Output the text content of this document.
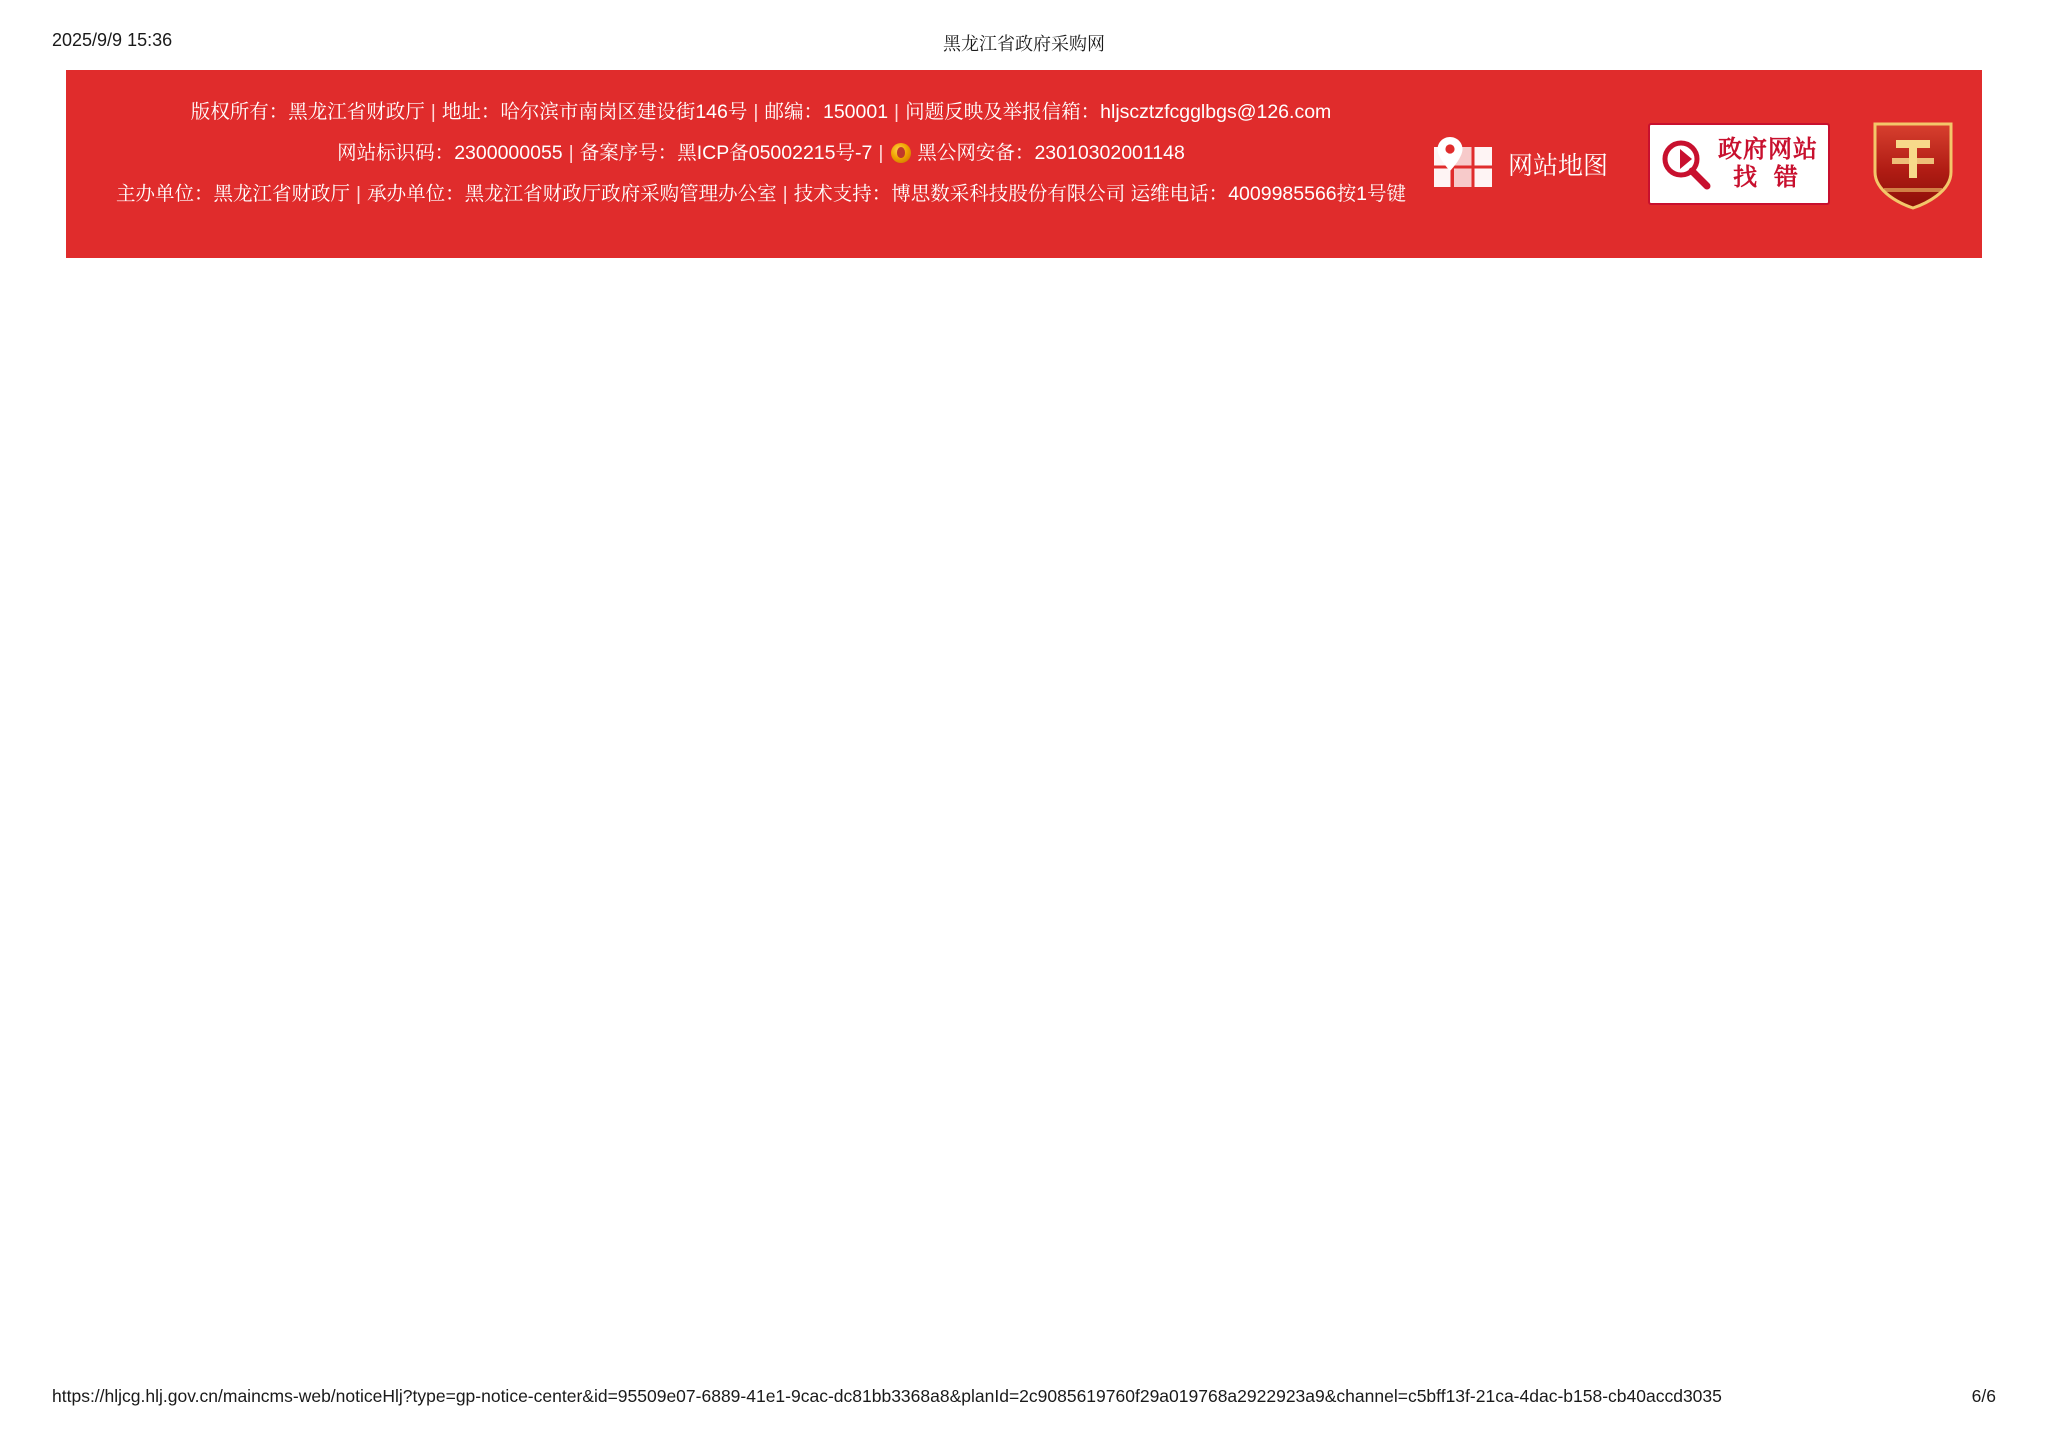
2025/9/9 15:36	黑龙江省政府采购网
版权所有：黑龙江省财政厅 | 地址：哈尔滨市南岗区建设街146号 | 邮编：150001 | 问题反映及举报信箱：hljscztzfcgglbgs@126.com
网站标识码：2300000055 | 备案序号：黑ICP备05002215号-7 | 黑公网安备：23010302001148
主办单位：黑龙江省财政厅 | 承办单位：黑龙江省财政厅政府采购管理办公室 | 技术支持：博思数采科技股份有限公司 运维电话：4009985566按1号键
网站地图
政府网站
找 错
https://hljcg.hlj.gov.cn/maincms-web/noticeHlj?type=gp-notice-center&id=95509e07-6889-41e1-9cac-dc81bb3368a8&planId=2c9085619760f29a019768a2922923a9&channel=c5bff13f-21ca-4dac-b158-cb40accd3035	6/6
